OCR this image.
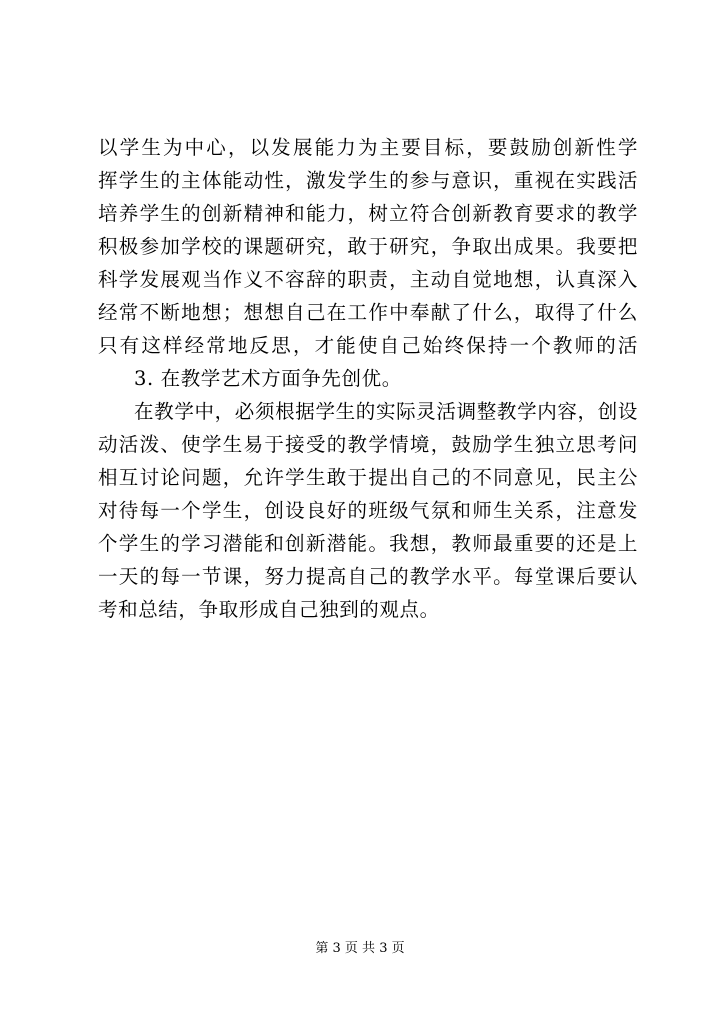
以学生为中心，以发展能力为主要目标，要鼓励创新性学
挥学生的主体能动性，激发学生的参与意识，重视在实践活
培养学生的创新精神和能力，树立符合创新教育要求的教学
积极参加学校的课题研究，敢于研究，争取出成果。我要把
科学发展观当作义不容辞的职责，主动自觉地想，认真深入
经常不断地想；想想自己在工作中奉献了什么，取得了什么
只有这样经常地反思，才能使自己始终保持一个教师的活
3. 在教学艺术方面争先创优。
在教学中，必须根据学生的实际灵活调整教学内容，创设
动活泼、使学生易于接受的教学情境，鼓励学生独立思考问
相互讨论问题，允许学生敢于提出自己的不同意见，民主公
对待每一个学生，创设良好的班级气氛和师生关系，注意发
个学生的学习潜能和创新潜能。我想，教师最重要的还是上
一天的每一节课，努力提高自己的教学水平。每堂课后要认
考和总结，争取形成自己独到的观点。
第 3 页 共 3 页
